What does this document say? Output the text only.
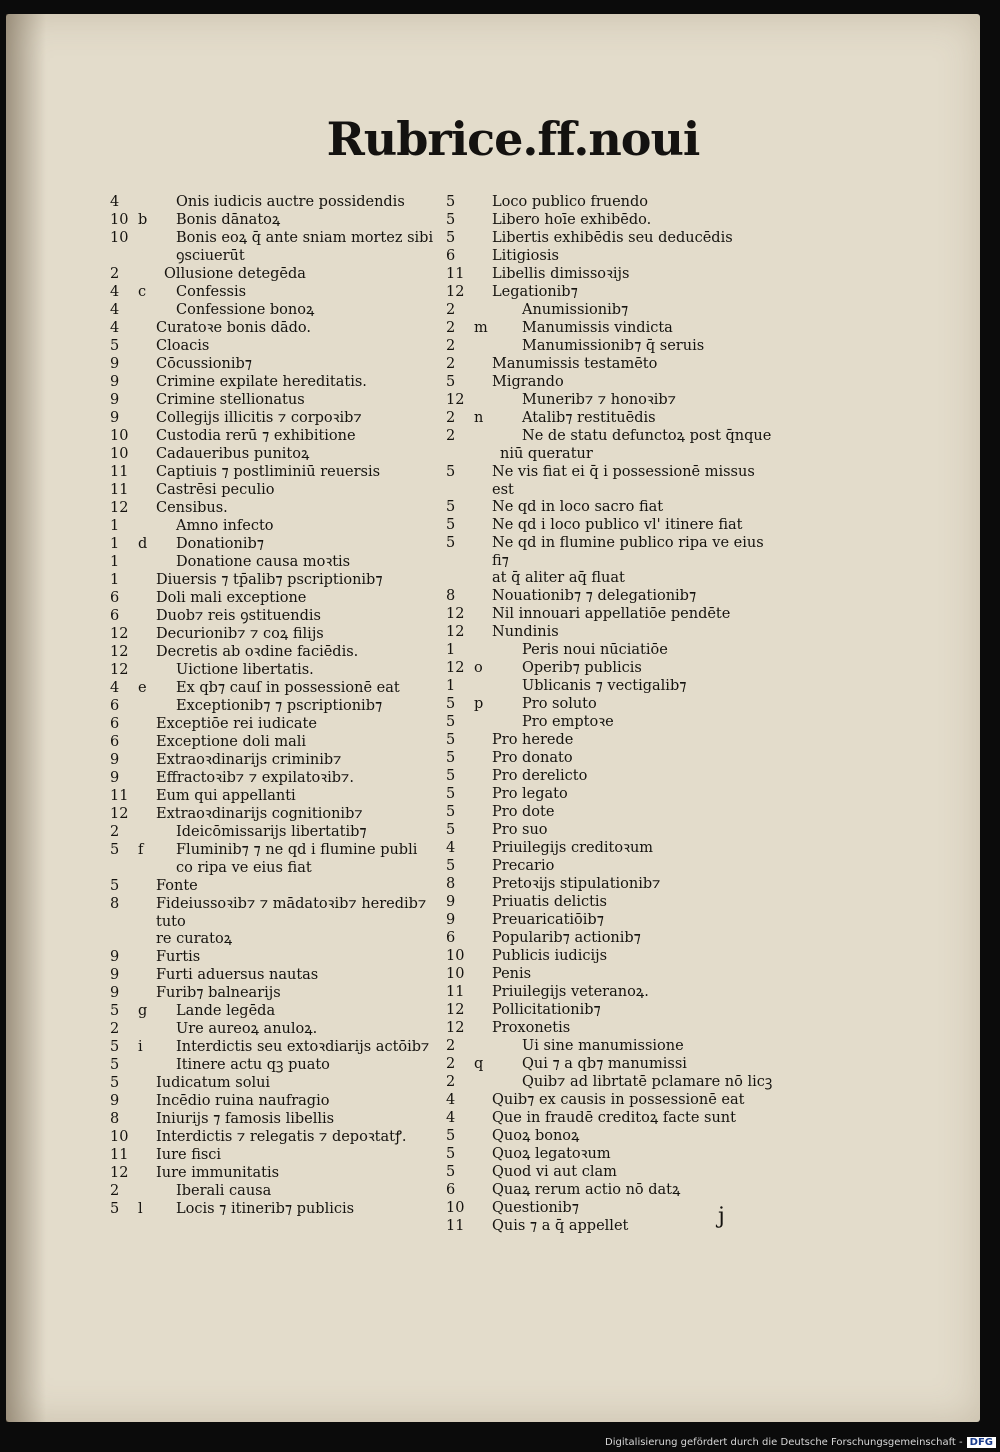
Rubrice.ff.noui
4	Onis iudicis auctre possidendis
10 b	Bonis dānatoꝝ
10	Bonis eoꝝ q̄ ante sniam mortez sibi
ꝯsciuerūt
2	Ollusione detegēda
4	c	Confessis
4	Confessione bonoꝝ
4	Curatoꝛe bonis dādo.
5	Cloacis
9	Cōcussionib⁊
9	Crimine expilate hereditatis.
9	Crimine stellionatus
9	Collegijs illicitis ⁊ corpoꝛib⁊
10	Custodia rerū ⁊ exhibitione
10	Cadaueribus punitoꝝ
11	Captiuis ⁊ postliminiū reuersis
11	Castrēsi peculio
12	Censibus.
1	Amno infecto
1	d	Donationib⁊
1	Donatione causa moꝛtis
1	Diuersis ⁊ tp̄alib⁊ pscriptionib⁊
6	Doli mali exceptione
6	Duob⁊ reis ꝯstituendis
12	Decurionib⁊ ⁊ coꝝ filijs
12	Decretis ab oꝛdine faciēdis.
12	Uictione libertatis.
4	e	Ex qb⁊ cauſ in possessionē eat
6	Exceptionib⁊ ⁊ pscriptionib⁊
6	Exceptiōe rei iudicate
6	Exceptione doli mali
9	Extraoꝛdinarijs criminib⁊
9	Effractoꝛib⁊ ⁊ expilatoꝛib⁊.
11	Eum qui appellanti
12	Extraoꝛdinarijs cognitionib⁊
2	Ideicōmissarijs libertatib⁊
5	f	Fluminib⁊ ⁊ ne qd i flumine publi
co ripa ve eius fiat
5	Fonte
8	Fideiussoꝛib⁊ ⁊ mādatoꝛib⁊ heredib⁊ tuto
re curatoꝝ
9	Furtis
9	Furti aduersus nautas
9	Furib⁊ balnearijs
5	g	Lande legēda
2	Ure aureoꝝ anuloꝝ.
5	i	Interdictis seu extoꝛdiarijs actōib⁊
5	Itinere actu qꝫ puato
5	Iudicatum solui
9	Incēdio ruina naufragio
8	Iniurijs ⁊ famosis libellis
10	Interdictis ⁊ relegatis ⁊ depoꝛtatꝭ.
11	Iure fisci
12	Iure immunitatis
2	Iberali causa
5	l	Locis ⁊ itinerib⁊ publicis
5	Loco publico fruendo
5	Libero hoīe exhibēdo.
5	Libertis exhibēdis seu deducēdis
6	Litigiosis
11	Libellis dimissoꝛijs
12	Legationib⁊
2	Anumissionib⁊
2	m	Manumissis vindicta
2	Manumissionib⁊ q̄ seruis
2	Manumissis testamēto
5	Migrando
12	Munerib⁊ ⁊ honoꝛib⁊
2	n	Atalib⁊ restituēdis
2	Ne de statu defunctoꝝ post q̄nque
niū queratur
5	Ne vis fiat ei q̄ i possessionē missus est
5	Ne qd in loco sacro fiat
5	Ne qd i loco publico vl' itinere fiat
5	Ne qd in flumine publico ripa ve eius fi⁊
at q̄ aliter aq̄ fluat
8	Nouationib⁊ ⁊ delegationib⁊
12	Nil innouari appellatiōe pendēte
12	Nundinis
1	Peris noui nūciatiōe
12 o	Operib⁊ publicis
1	Ublicanis ⁊ vectigalib⁊
5	p	Pro soluto
5	Pro emptoꝛe
5	Pro herede
5	Pro donato
5	Pro derelicto
5	Pro legato
5	Pro dote
5	Pro suo
4	Priuilegijs creditoꝛum
5	Precario
8	Pretoꝛijs stipulationib⁊
9	Priuatis delictis
9	Preuaricatiōib⁊
6	Popularib⁊ actionib⁊
10	Publicis iudicijs
10	Penis
11	Priuilegijs veteranoꝝ.
12	Pollicitationib⁊
12	Proxonetis
2	Ui sine manumissione
2	q	Qui ⁊ a qb⁊ manumissi
2	Quib⁊ ad librtatē pclamare nō licꝫ
4	Quib⁊ ex causis in possessionē eat
4	Que in fraudē creditoꝝ facte sunt
5	Quoꝝ bonoꝝ
5	Quoꝝ legatoꝛum
5	Quod vi aut clam
6	Quaꝝ rerum actio nō datꝝ
10	Questionib⁊
11	Quis ⁊ a q̄ appellet	j
Digitalisierung gefördert durch die Deutsche Forschungsgemeinschaft - DFG
